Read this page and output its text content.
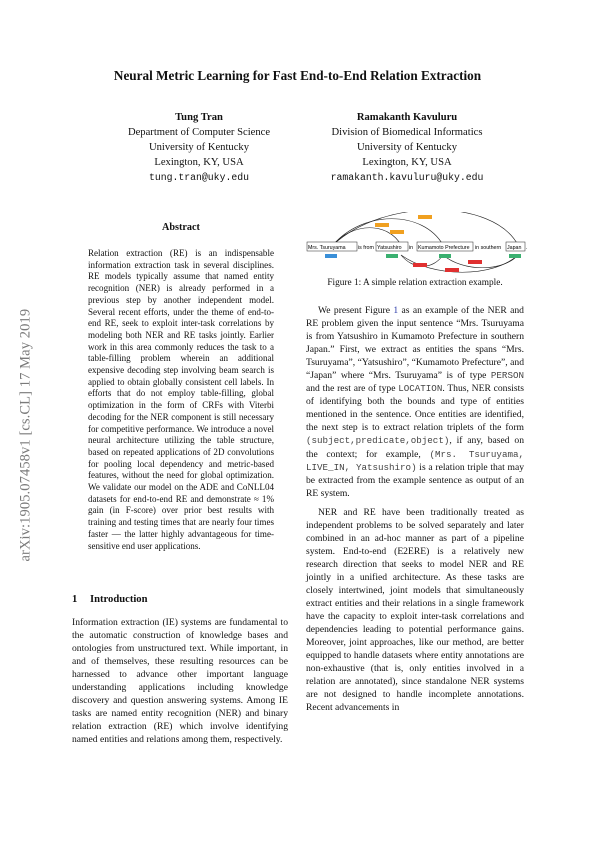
Neural Metric Learning for Fast End-to-End Relation Extraction
Tung Tran
Department of Computer Science
University of Kentucky
Lexington, KY, USA
tung.tran@uky.edu
Ramakanth Kavuluru
Division of Biomedical Informatics
University of Kentucky
Lexington, KY, USA
ramakanth.kavuluru@uky.edu
arXiv:1905.07458v1 [cs.CL] 17 May 2019
Abstract

Relation extraction (RE) is an indispensable information extraction task in several disciplines. RE models typically assume that named entity recognition (NER) is already performed in a previous step by another independent model. Several recent efforts, under the theme of end-to-end RE, seek to exploit inter-task correlations by modeling both NER and RE tasks jointly. Earlier work in this area commonly reduces the task to a table-filling problem wherein an additional expensive decoding step involving beam search is applied to obtain globally consistent cell labels. In efforts that do not employ table-filling, global optimization in the form of CRFs with Viterbi decoding for the NER component is still necessary for competitive performance. We introduce a novel neural architecture utilizing the table structure, based on repeated applications of 2D convolutions for pooling local dependency and metric-based features, without the need for global optimization. We validate our model on the ADE and CoNLL04 datasets for end-to-end RE and demonstrate ≈ 1% gain (in F-score) over prior best results with training and testing times that are nearly four times faster — the latter highly advantageous for time-sensitive end user applications.

Mrs. Tsuruyama is from Yatsushiro in Kumamoto Prefecture in southern Japan .
Figure 1: A simple relation extraction example.

We present Figure 1 as an example of the NER and RE problem given the input sentence “Mrs. Tsuruyama is from Yatsushiro in Kumamoto Prefecture in southern Japan.” First, we extract as entities the spans “Mrs. Tsuruyama”, “Yatsushiro”, “Kumamoto Prefecture”, and “Japan” where “Mrs. Tsuruyama” is of type PERSON and the rest are of type LOCATION. Thus, NER consists of identifying both the bounds and type of entities mentioned in the sentence. Once entities are identified, the next step is to extract relation triplets of the form (subject,predicate,object), if any, based on the context; for example, (Mrs. Tsuruyama, LIVE_IN, Yatsushiro) is a relation triple that may be extracted from the example sentence as output of an RE system.

NER and RE have been traditionally treated as independent problems to be solved separately and later combined in an ad-hoc manner as part of a pipeline system. End-to-end (E2ERE) is a relatively new research direction that seeks to model NER and RE jointly in a unified architecture. As these tasks are closely intertwined, joint models that simultaneously extract entities and their relations in a single framework have the capacity to exploit inter-task correlations and dependencies leading to potential performance gains. Moreover, joint approaches, like our method, are better equipped to handle datasets where entity annotations are non-exhaustive (that is, only entities involved in a relation are annotated), since standalone NER systems are not designed to handle incomplete annotations. Recent advancements in

1 Introduction

Information extraction (IE) systems are fundamental to the automatic construction of knowledge bases and ontologies from unstructured text. While important, in and of themselves, these resulting resources can be harnessed to advance other important language understanding applications including knowledge discovery and question answering systems. Among IE tasks are named entity recognition (NER) and binary relation extraction (RE) which involve identifying named entities and relations among them, respectively.
